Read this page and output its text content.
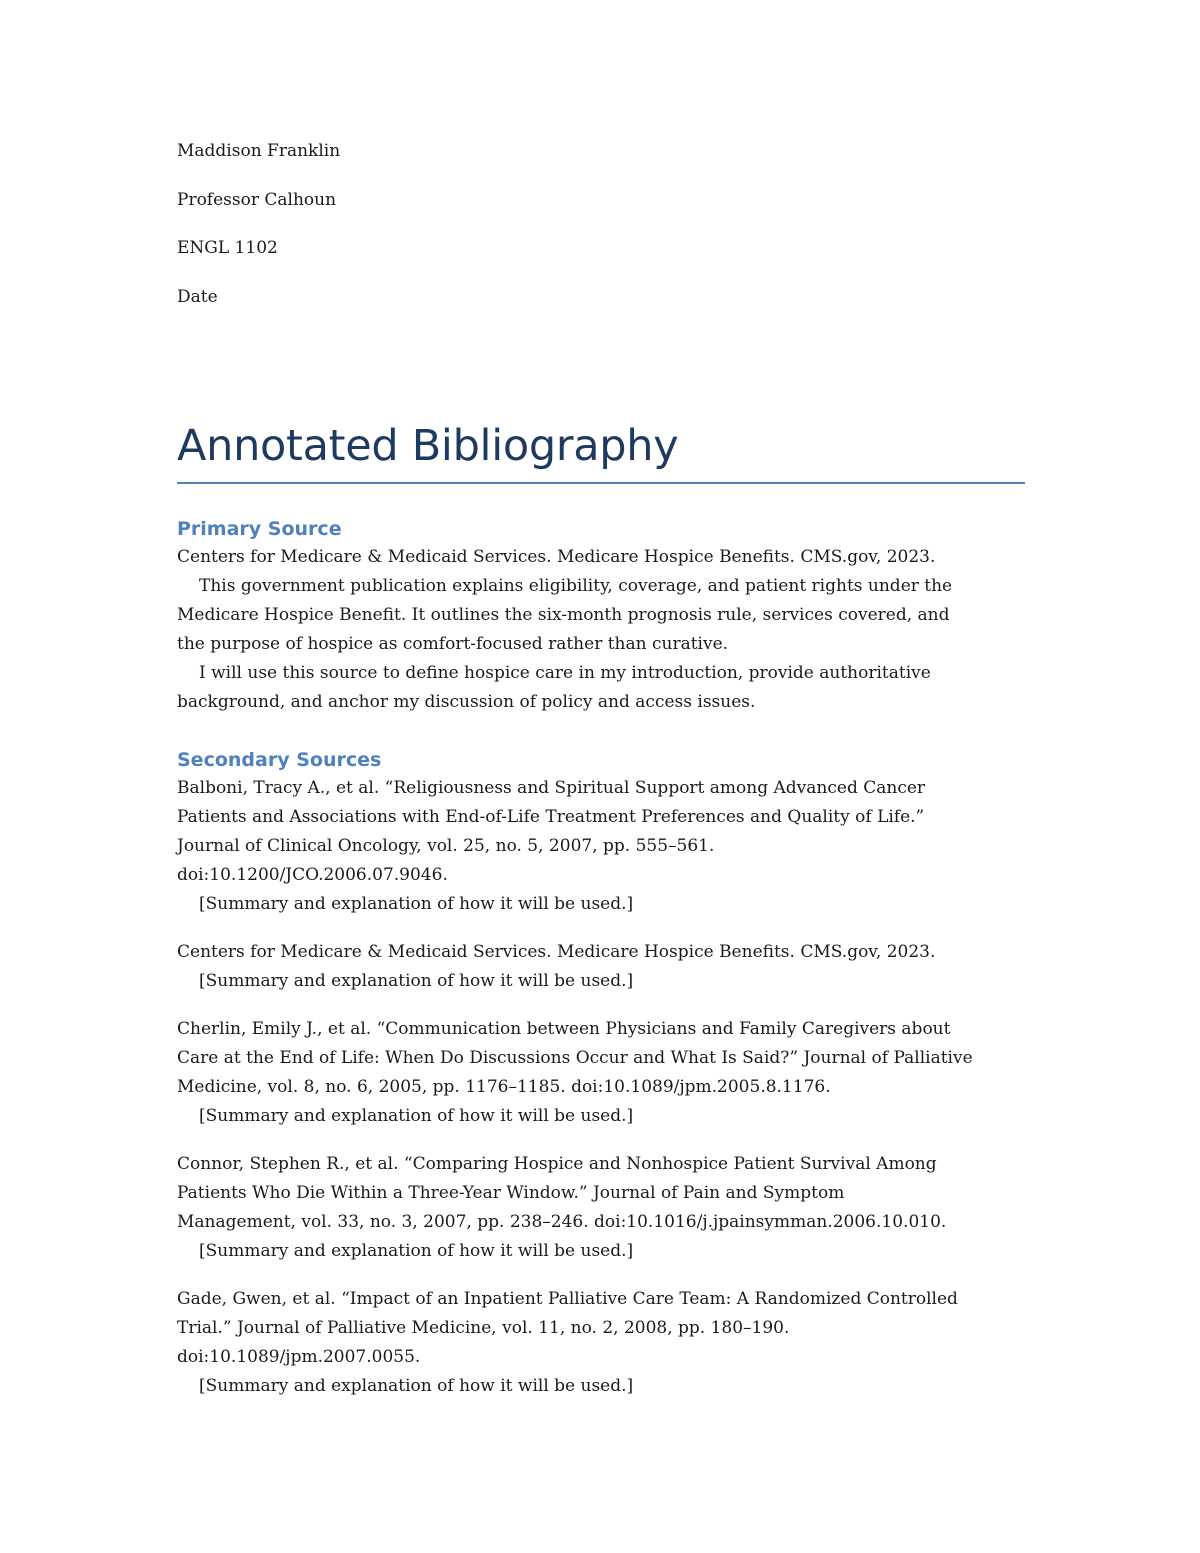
Maddison Franklin
Professor Calhoun
ENGL 1102
Date
Annotated Bibliography
Primary Source

Centers for Medicare & Medicaid Services. Medicare Hospice Benefits. CMS.gov, 2023.

This government publication explains eligibility, coverage, and patient rights under the

Medicare Hospice Benefit. It outlines the six-month prognosis rule, services covered, and

the purpose of hospice as comfort-focused rather than curative.

I will use this source to define hospice care in my introduction, provide authoritative

background, and anchor my discussion of policy and access issues.

Secondary Sources

Balboni, Tracy A., et al. “Religiousness and Spiritual Support among Advanced Cancer

Patients and Associations with End-of-Life Treatment Preferences and Quality of Life.”

Journal of Clinical Oncology, vol. 25, no. 5, 2007, pp. 555–561.

doi:10.1200/JCO.2006.07.9046.

[Summary and explanation of how it will be used.]

Centers for Medicare & Medicaid Services. Medicare Hospice Benefits. CMS.gov, 2023.

[Summary and explanation of how it will be used.]

Cherlin, Emily J., et al. “Communication between Physicians and Family Caregivers about

Care at the End of Life: When Do Discussions Occur and What Is Said?” Journal of Palliative

Medicine, vol. 8, no. 6, 2005, pp. 1176–1185. doi:10.1089/jpm.2005.8.1176.

[Summary and explanation of how it will be used.]

Connor, Stephen R., et al. “Comparing Hospice and Nonhospice Patient Survival Among

Patients Who Die Within a Three-Year Window.” Journal of Pain and Symptom

Management, vol. 33, no. 3, 2007, pp. 238–246. doi:10.1016/j.jpainsymman.2006.10.010.

[Summary and explanation of how it will be used.]

Gade, Gwen, et al. “Impact of an Inpatient Palliative Care Team: A Randomized Controlled

Trial.” Journal of Palliative Medicine, vol. 11, no. 2, 2008, pp. 180–190.

doi:10.1089/jpm.2007.0055.

[Summary and explanation of how it will be used.]
